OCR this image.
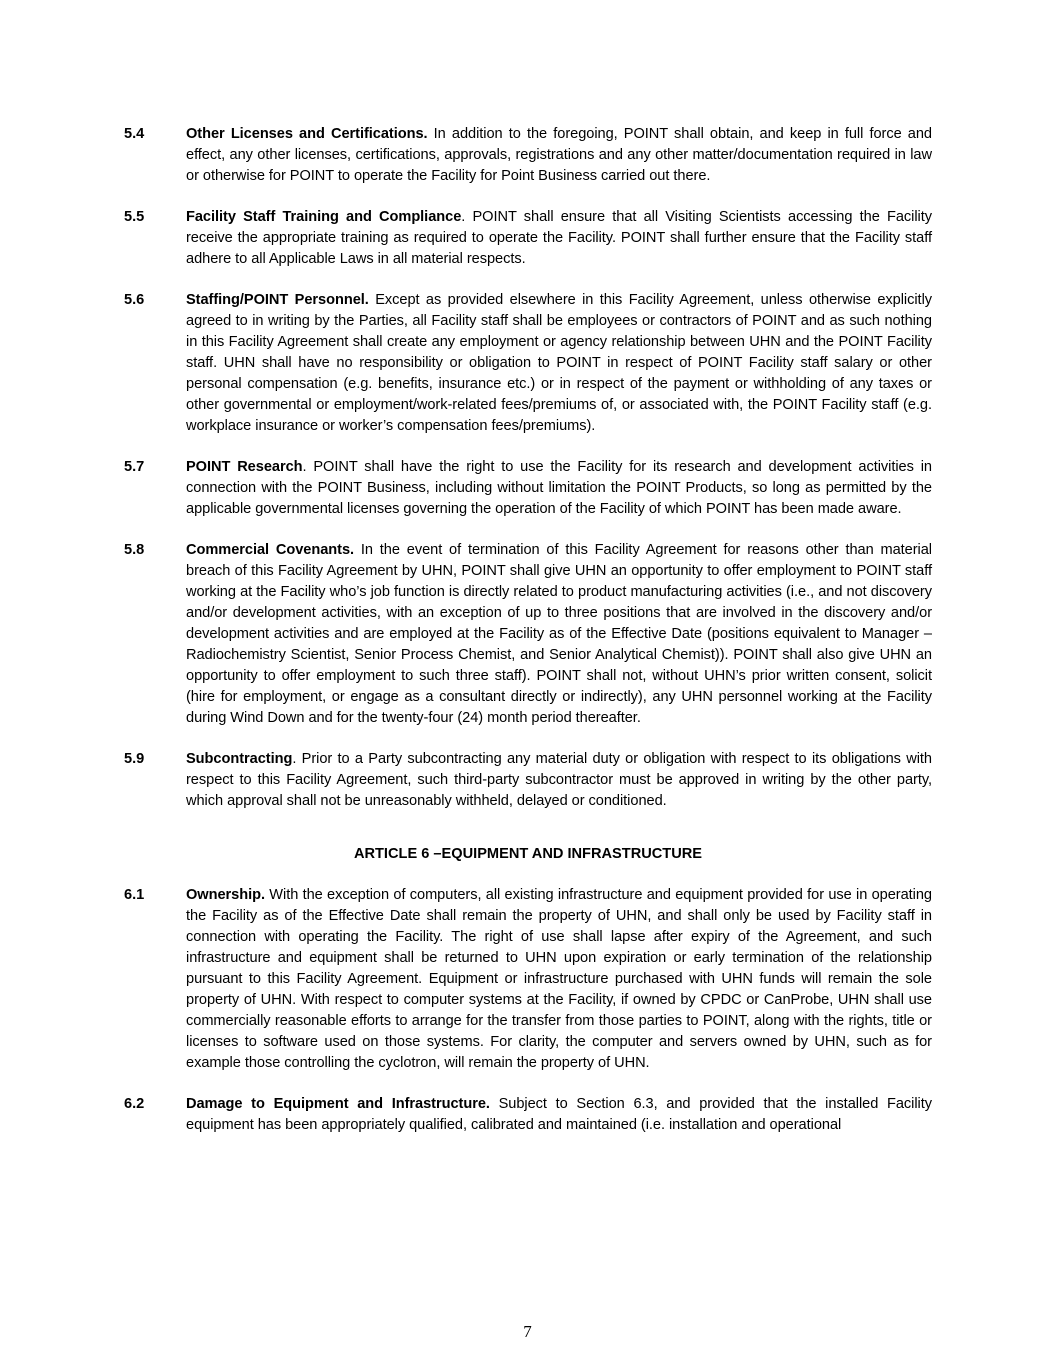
5.4	Other Licenses and Certifications. In addition to the foregoing, POINT shall obtain, and keep in full force and effect, any other licenses, certifications, approvals, registrations and any other matter/documentation required in law or otherwise for POINT to operate the Facility for Point Business carried out there.
5.5	Facility Staff Training and Compliance. POINT shall ensure that all Visiting Scientists accessing the Facility receive the appropriate training as required to operate the Facility. POINT shall further ensure that the Facility staff adhere to all Applicable Laws in all material respects.
5.6	Staffing/POINT Personnel. Except as provided elsewhere in this Facility Agreement, unless otherwise explicitly agreed to in writing by the Parties, all Facility staff shall be employees or contractors of POINT and as such nothing in this Facility Agreement shall create any employment or agency relationship between UHN and the POINT Facility staff. UHN shall have no responsibility or obligation to POINT in respect of POINT Facility staff salary or other personal compensation (e.g. benefits, insurance etc.) or in respect of the payment or withholding of any taxes or other governmental or employment/work-related fees/premiums of, or associated with, the POINT Facility staff (e.g. workplace insurance or worker’s compensation fees/premiums).
5.7	POINT Research. POINT shall have the right to use the Facility for its research and development activities in connection with the POINT Business, including without limitation the POINT Products, so long as permitted by the applicable governmental licenses governing the operation of the Facility of which POINT has been made aware.
5.8	Commercial Covenants. In the event of termination of this Facility Agreement for reasons other than material breach of this Facility Agreement by UHN, POINT shall give UHN an opportunity to offer employment to POINT staff working at the Facility who’s job function is directly related to product manufacturing activities (i.e., and not discovery and/or development activities, with an exception of up to three positions that are involved in the discovery and/or development activities and are employed at the Facility as of the Effective Date (positions equivalent to Manager – Radiochemistry Scientist, Senior Process Chemist, and Senior Analytical Chemist)). POINT shall also give UHN an opportunity to offer employment to such three staff). POINT shall not, without UHN’s prior written consent, solicit (hire for employment, or engage as a consultant directly or indirectly), any UHN personnel working at the Facility during Wind Down and for the twenty-four (24) month period thereafter.
5.9	Subcontracting. Prior to a Party subcontracting any material duty or obligation with respect to its obligations with respect to this Facility Agreement, such third-party subcontractor must be approved in writing by the other party, which approval shall not be unreasonably withheld, delayed or conditioned.
ARTICLE 6 –EQUIPMENT AND INFRASTRUCTURE
6.1	Ownership. With the exception of computers, all existing infrastructure and equipment provided for use in operating the Facility as of the Effective Date shall remain the property of UHN, and shall only be used by Facility staff in connection with operating the Facility. The right of use shall lapse after expiry of the Agreement, and such infrastructure and equipment shall be returned to UHN upon expiration or early termination of the relationship pursuant to this Facility Agreement. Equipment or infrastructure purchased with UHN funds will remain the sole property of UHN. With respect to computer systems at the Facility, if owned by CPDC or CanProbe, UHN shall use commercially reasonable efforts to arrange for the transfer from those parties to POINT, along with the rights, title or licenses to software used on those systems. For clarity, the computer and servers owned by UHN, such as for example those controlling the cyclotron, will remain the property of UHN.
6.2	Damage to Equipment and Infrastructure. Subject to Section 6.3, and provided that the installed Facility equipment has been appropriately qualified, calibrated and maintained (i.e. installation and operational
7
